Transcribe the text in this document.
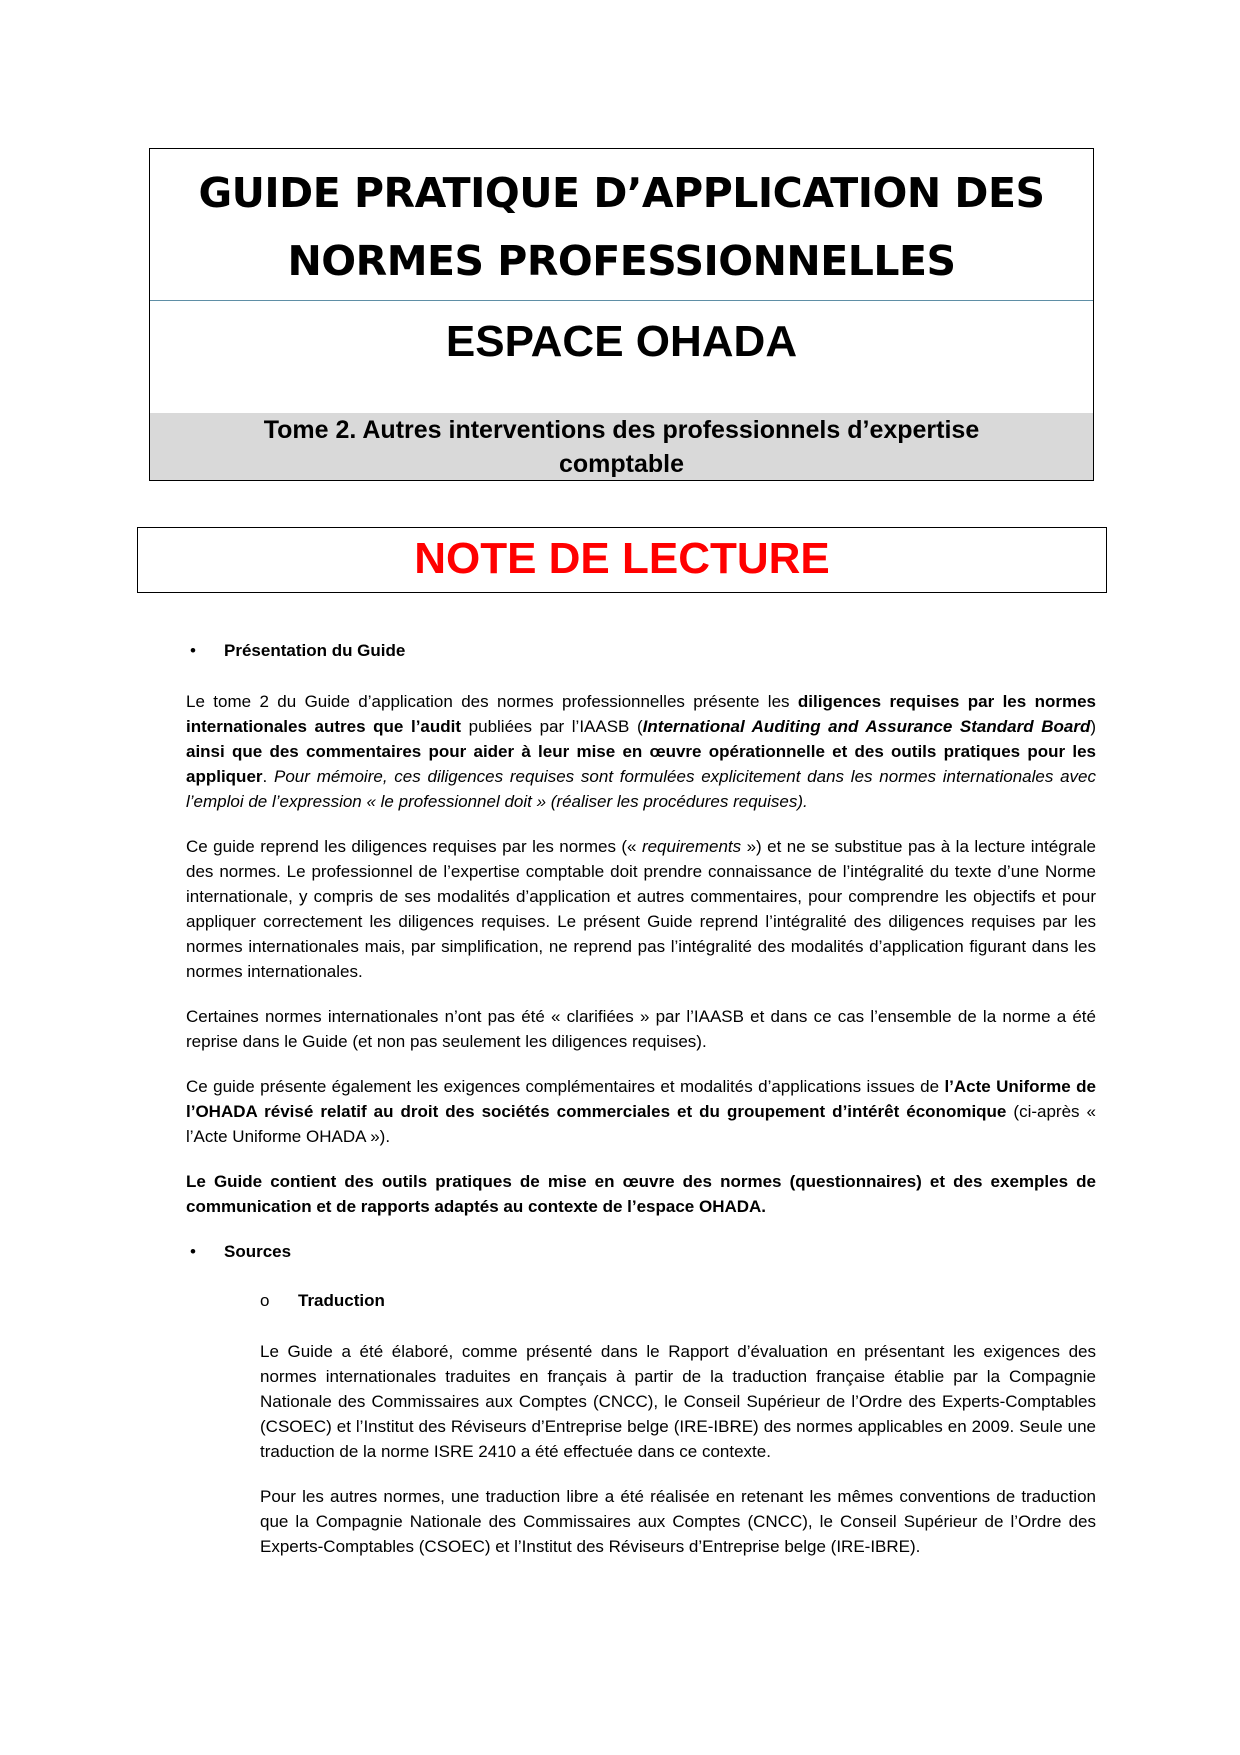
GUIDE PRATIQUE D’APPLICATION DES
NORMES PROFESSIONNELLES
ESPACE OHADA
Tome 2. Autres interventions des professionnels d’expertise
comptable
NOTE DE LECTURE
• Présentation du Guide

Le tome 2 du Guide d’application des normes professionnelles présente les diligences requises par les normes internationales autres que l’audit publiées par l’IAASB (International Auditing and Assurance Standard Board) ainsi que des commentaires pour aider à leur mise en œuvre opérationnelle et des outils pratiques pour les appliquer. Pour mémoire, ces diligences requises sont formulées explicitement dans les normes internationales avec l’emploi de l’expression « le professionnel doit » (réaliser les procédures requises).

Ce guide reprend les diligences requises par les normes (« requirements ») et ne se substitue pas à la lecture intégrale des normes. Le professionnel de l’expertise comptable doit prendre connaissance de l’intégralité du texte d’une Norme internationale, y compris de ses modalités d’application et autres commentaires, pour comprendre les objectifs et pour appliquer correctement les diligences requises. Le présent Guide reprend l’intégralité des diligences requises par les normes internationales mais, par simplification, ne reprend pas l’intégralité des modalités d’application figurant dans les normes internationales.

Certaines normes internationales n’ont pas été « clarifiées » par l’IAASB et dans ce cas l’ensemble de la norme a été reprise dans le Guide (et non pas seulement les diligences requises).

Ce guide présente également les exigences complémentaires et modalités d’applications issues de l’Acte Uniforme de l’OHADA révisé relatif au droit des sociétés commerciales et du groupement d’intérêt économique (ci-après « l’Acte Uniforme OHADA »).

Le Guide contient des outils pratiques de mise en œuvre des normes (questionnaires) et des exemples de communication et de rapports adaptés au contexte de l’espace OHADA.

• Sources
o Traduction

Le Guide a été élaboré, comme présenté dans le Rapport d’évaluation en présentant les exigences des normes internationales traduites en français à partir de la traduction française établie par la Compagnie Nationale des Commissaires aux Comptes (CNCC), le Conseil Supérieur de l’Ordre des Experts-Comptables (CSOEC) et l’Institut des Réviseurs d’Entreprise belge (IRE-IBRE) des normes applicables en 2009. Seule une traduction de la norme ISRE 2410 a été effectuée dans ce contexte.

Pour les autres normes, une traduction libre a été réalisée en retenant les mêmes conventions de traduction que la Compagnie Nationale des Commissaires aux Comptes (CNCC), le Conseil Supérieur de l’Ordre des Experts-Comptables (CSOEC) et l’Institut des Réviseurs d’Entreprise belge (IRE-IBRE).
